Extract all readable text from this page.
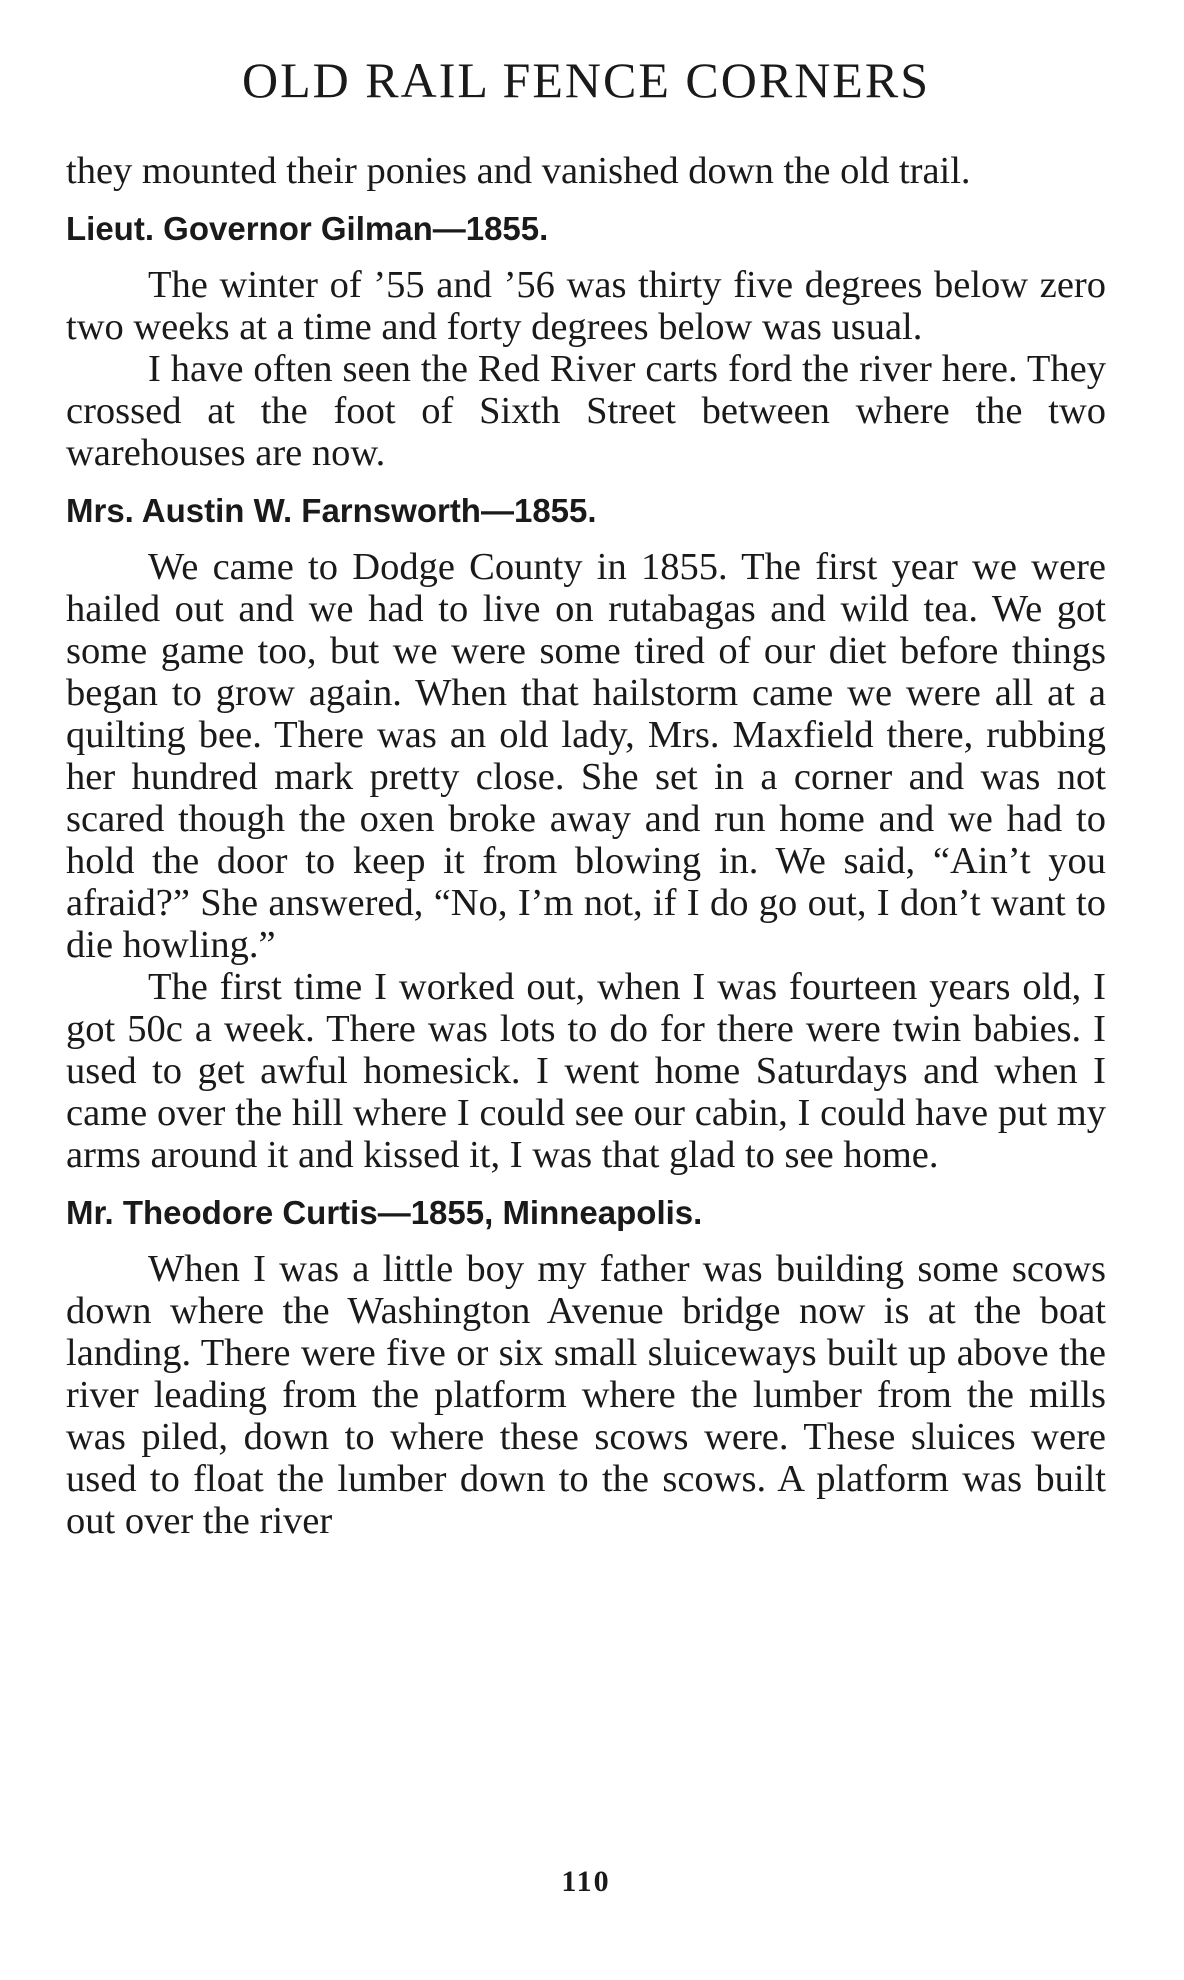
OLD RAIL FENCE CORNERS

they mounted their ponies and vanished down the old trail.

Lieut. Governor Gilman—1855.

The winter of ’55 and ’56 was thirty five degrees below zero two weeks at a time and forty degrees below was usual.

I have often seen the Red River carts ford the river here. They crossed at the foot of Sixth Street between where the two warehouses are now.

Mrs. Austin W. Farnsworth—1855.

We came to Dodge County in 1855. The first year we were hailed out and we had to live on rutabagas and wild tea. We got some game too, but we were some tired of our diet before things began to grow again. When that hailstorm came we were all at a quilting bee. There was an old lady, Mrs. Maxfield there, rubbing her hundred mark pretty close. She set in a corner and was not scared though the oxen broke away and run home and we had to hold the door to keep it from blowing in. We said, “Ain’t you afraid?” She answered, “No, I’m not, if I do go out, I don’t want to die howling.”

The first time I worked out, when I was fourteen years old, I got 50c a week. There was lots to do for there were twin babies. I used to get awful homesick. I went home Saturdays and when I came over the hill where I could see our cabin, I could have put my arms around it and kissed it, I was that glad to see home.

Mr. Theodore Curtis—1855, Minneapolis.

When I was a little boy my father was building some scows down where the Washington Avenue bridge now is at the boat landing. There were five or six small sluiceways built up above the river leading from the platform where the lumber from the mills was piled, down to where these scows were. These sluices were used to float the lumber down to the scows. A platform was built out over the river

110
